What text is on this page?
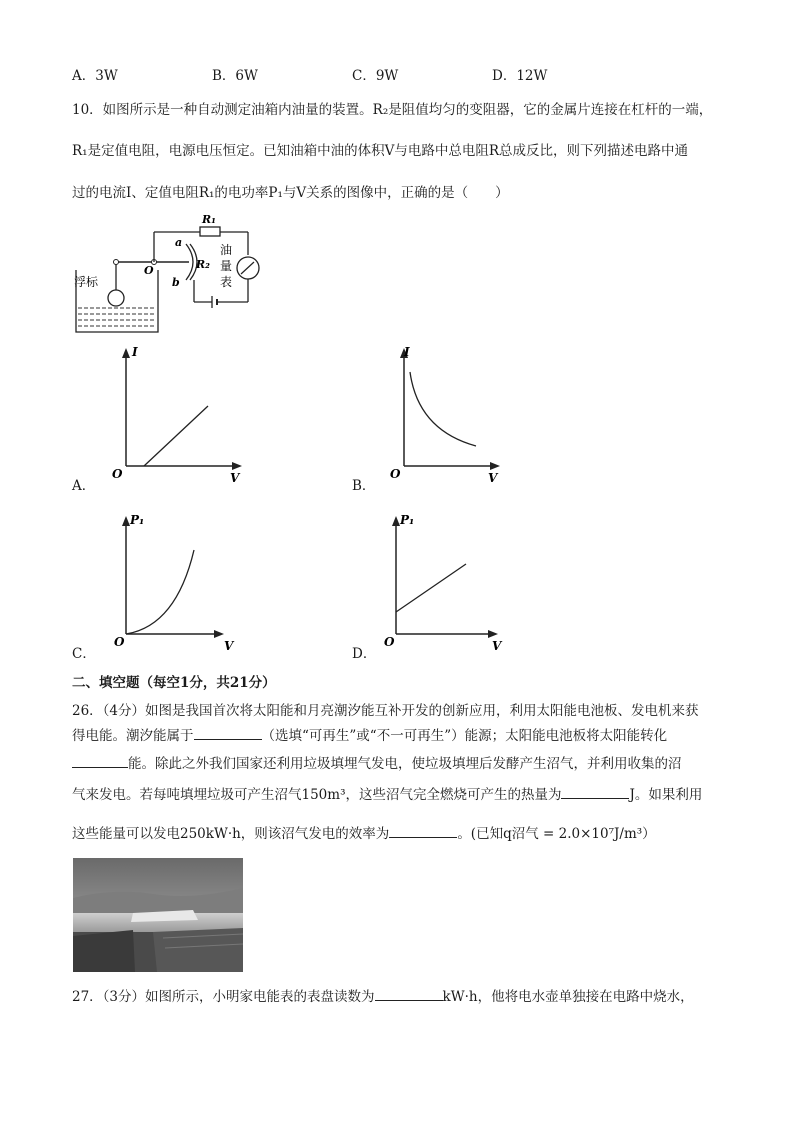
A．3W	B．6W	C．9W	D．12W
10．如图所示是一种自动测定油箱内油量的装置。R₂是阻值均匀的变阻器，它的金属片连接在杠杆的一端，
R₁是定值电阻，电源电压恒定。已知油箱中油的体积V与电路中总电阻R总成反比，则下列描述电路中通
过的电流I、定值电阻R₁的电功率P₁与V关系的图像中，正确的是（　　）
R₁
a
b
R₂
O
浮标
油
量
表
A．
I
V
O
B．
I
V
O
C．
P₁
V
O
D．
P₁
V
O
二、填空题（每空1分，共21分）
26．（4分）如图是我国首次将太阳能和月亮潮汐能互补开发的创新应用，利用太阳能电池板、发电机来获
得电能。潮汐能属于	（选填“可再生”或“不一可再生”）能源；太阳能电池板将太阳能转化
能。除此之外我们国家还利用垃圾填埋气发电，使垃圾填埋后发酵产生沼气，并利用收集的沼
气来发电。若每吨填埋垃圾可产生沼气150m³，这些沼气完全燃烧可产生的热量为	J。如果利用
这些能量可以发电250kW·h，则该沼气发电的效率为	。(已知q沼气 = 2.0×10⁷J/m³）
27．（3分）如图所示，小明家电能表的表盘读数为	kW·h，他将电水壶单独接在电路中烧水，
